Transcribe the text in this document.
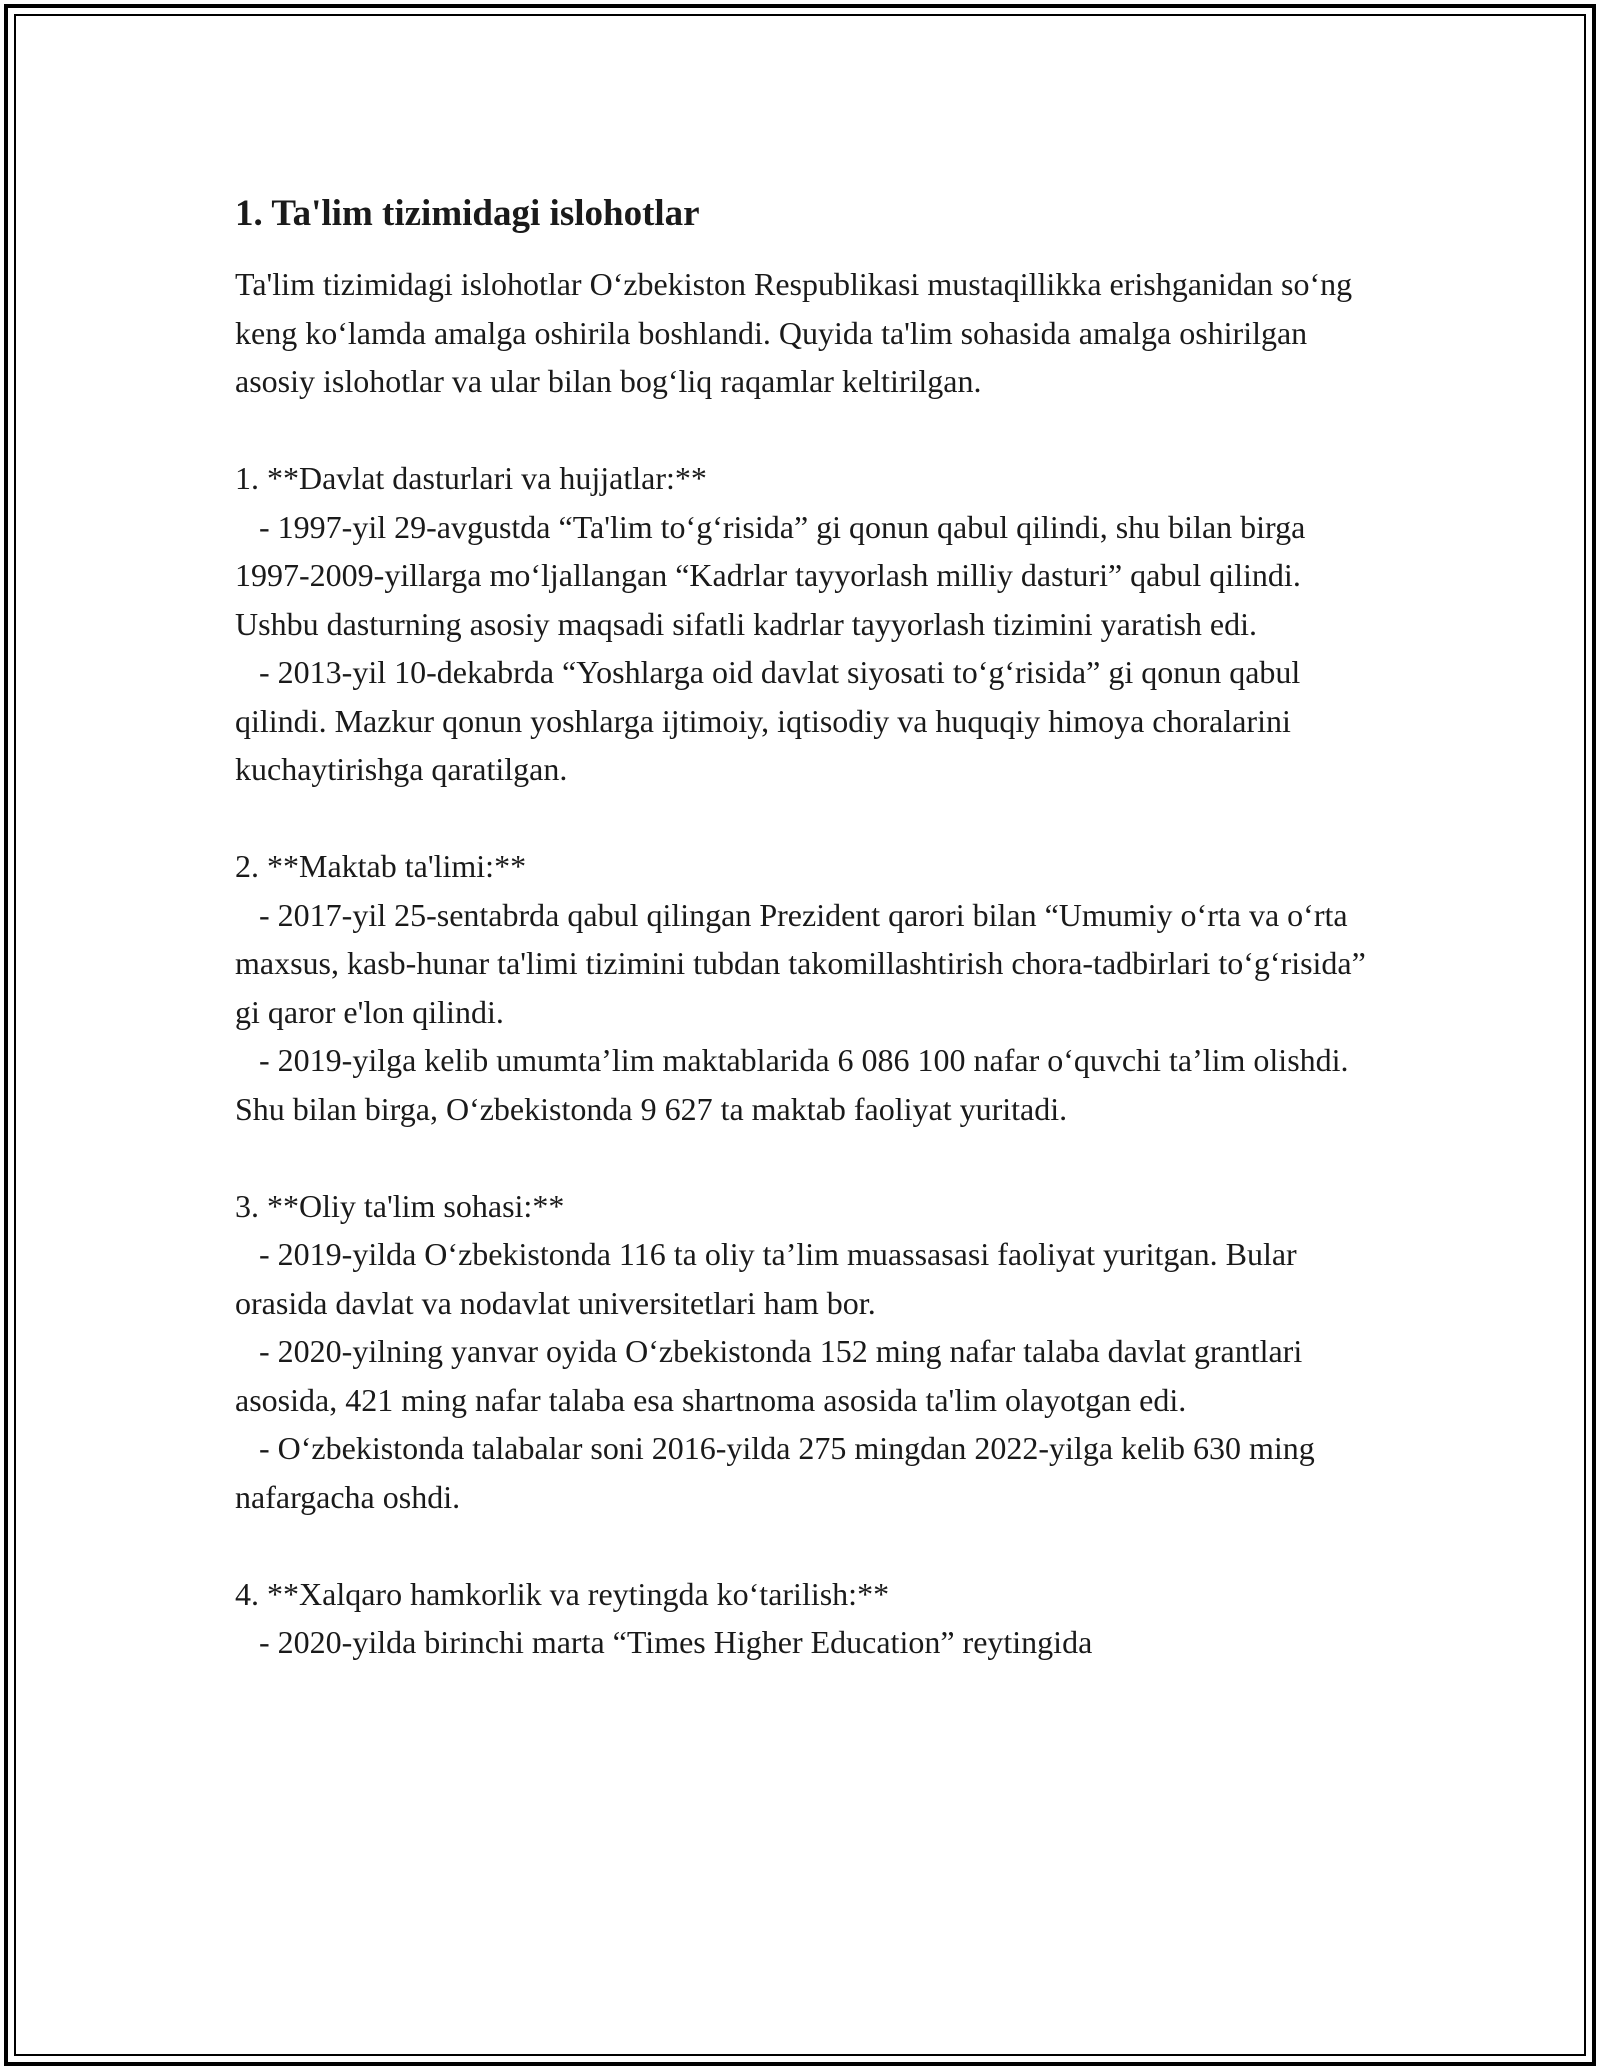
1. Ta'lim tizimidagi islohotlar

Ta'lim tizimidagi islohotlar O‘zbekiston Respublikasi mustaqillikka erishganidan so‘ng keng ko‘lamda amalga oshirila boshlandi. Quyida ta'lim sohasida amalga oshirilgan asosiy islohotlar va ular bilan bog‘liq raqamlar keltirilgan.

1. **Davlat dasturlari va hujjatlar:**

- 1997-yil 29-avgustda “Ta'lim to‘g‘risida” gi qonun qabul qilindi, shu bilan birga 1997-2009-yillarga mo‘ljallangan “Kadrlar tayyorlash milliy dasturi” qabul qilindi. Ushbu dasturning asosiy maqsadi sifatli kadrlar tayyorlash tizimini yaratish edi.

- 2013-yil 10-dekabrda “Yoshlarga oid davlat siyosati to‘g‘risida” gi qonun qabul qilindi. Mazkur qonun yoshlarga ijtimoiy, iqtisodiy va huquqiy himoya choralarini kuchaytirishga qaratilgan.

2. **Maktab ta'limi:**

- 2017-yil 25-sentabrda qabul qilingan Prezident qarori bilan “Umumiy o‘rta va o‘rta maxsus, kasb-hunar ta'limi tizimini tubdan takomillashtirish chora-tadbirlari to‘g‘risida” gi qaror e'lon qilindi.

- 2019-yilga kelib umumta’lim maktablarida 6 086 100 nafar o‘quvchi ta’lim olishdi. Shu bilan birga, O‘zbekistonda 9 627 ta maktab faoliyat yuritadi.

3. **Oliy ta'lim sohasi:**

- 2019-yilda O‘zbekistonda 116 ta oliy ta’lim muassasasi faoliyat yuritgan. Bular orasida davlat va nodavlat universitetlari ham bor.

- 2020-yilning yanvar oyida O‘zbekistonda 152 ming nafar talaba davlat grantlari asosida, 421 ming nafar talaba esa shartnoma asosida ta'lim olayotgan edi.

- O‘zbekistonda talabalar soni 2016-yilda 275 mingdan 2022-yilga kelib 630 ming nafargacha oshdi.

4. **Xalqaro hamkorlik va reytingda ko‘tarilish:**

- 2020-yilda birinchi marta “Times Higher Education” reytingida
